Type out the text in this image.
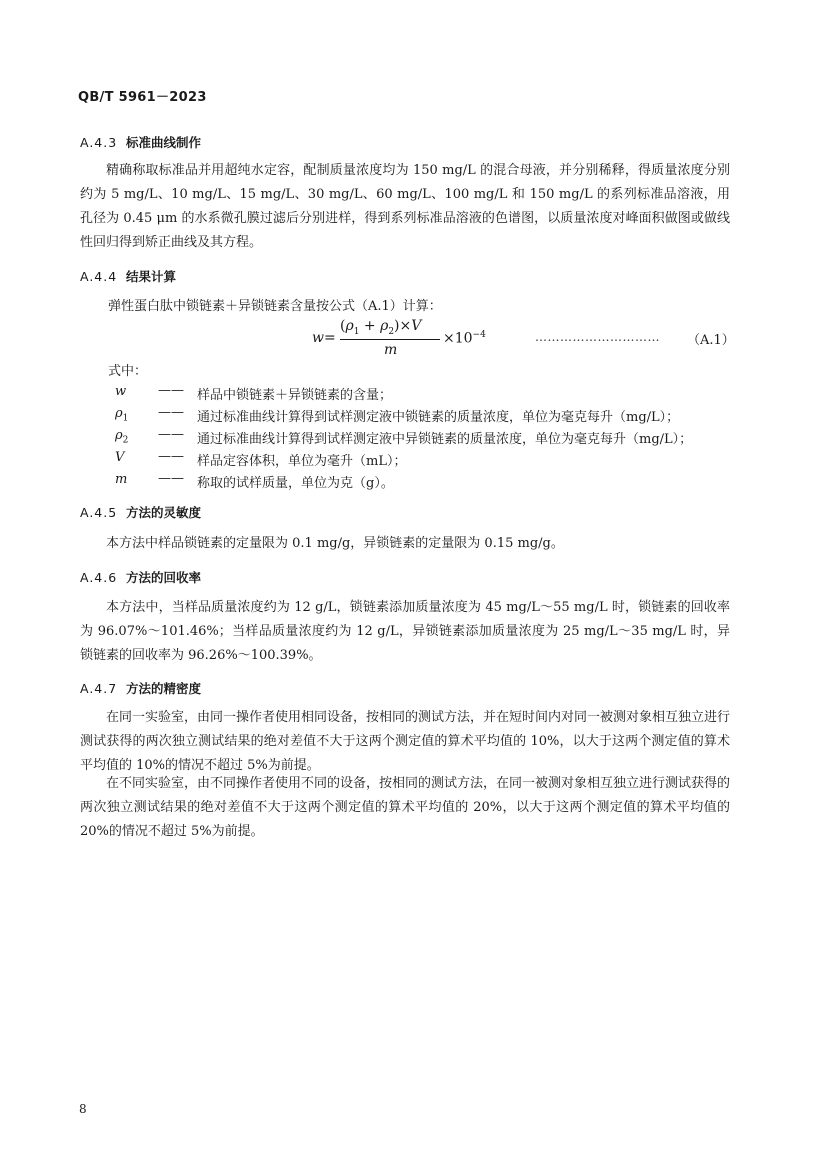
QB/T 5961－2023
A.4.3 标准曲线制作
精确称取标准品并用超纯水定容，配制质量浓度均为 150 mg/L 的混合母液，并分别稀释，得质量浓度分别约为 5 mg/L、10 mg/L、15 mg/L、30 mg/L、60 mg/L、100 mg/L 和 150 mg/L 的系列标准品溶液，用孔径为 0.45 μm 的水系微孔膜过滤后分别进样，得到系列标准品溶液的色谱图，以质量浓度对峰面积做图或做线性回归得到矫正曲线及其方程。
A.4.4 结果计算
弹性蛋白肽中锁链素＋异锁链素含量按公式（A.1）计算：
w =
$(\rho_1 + \rho_2)\times V$
m
$\times 10^{-4}$	………………………… （A.1）
式中：
w —— 样品中锁链素＋异锁链素的含量；
$\rho_1$ —— 通过标准曲线计算得到试样测定液中锁链素的质量浓度，单位为毫克每升（mg/L）；
$\rho_2$ —— 通过标准曲线计算得到试样测定液中异锁链素的质量浓度，单位为毫克每升（mg/L）；
V	—— 样品定容体积，单位为毫升（mL）；
m —— 称取的试样质量，单位为克（g）。
A.4.5 方法的灵敏度
本方法中样品锁链素的定量限为 0.1 mg/g，异锁链素的定量限为 0.15 mg/g。
A.4.6 方法的回收率
本方法中，当样品质量浓度约为 12 g/L，锁链素添加质量浓度为 45 mg/L～55 mg/L 时，锁链素的回收率为 96.07%～101.46%；当样品质量浓度约为 12 g/L，异锁链素添加质量浓度为 25 mg/L～35 mg/L 时，异锁链素的回收率为 96.26%～100.39%。
A.4.7 方法的精密度
在同一实验室，由同一操作者使用相同设备，按相同的测试方法，并在短时间内对同一被测对象相互独立进行测试获得的两次独立测试结果的绝对差值不大于这两个测定值的算术平均值的 10%，以大于这两个测定值的算术平均值的 10%的情况不超过 5%为前提。
在不同实验室，由不同操作者使用不同的设备，按相同的测试方法，在同一被测对象相互独立进行测试获得的两次独立测试结果的绝对差值不大于这两个测定值的算术平均值的 20%，以大于这两个测定值的算术平均值的 20%的情况不超过 5%为前提。
8
